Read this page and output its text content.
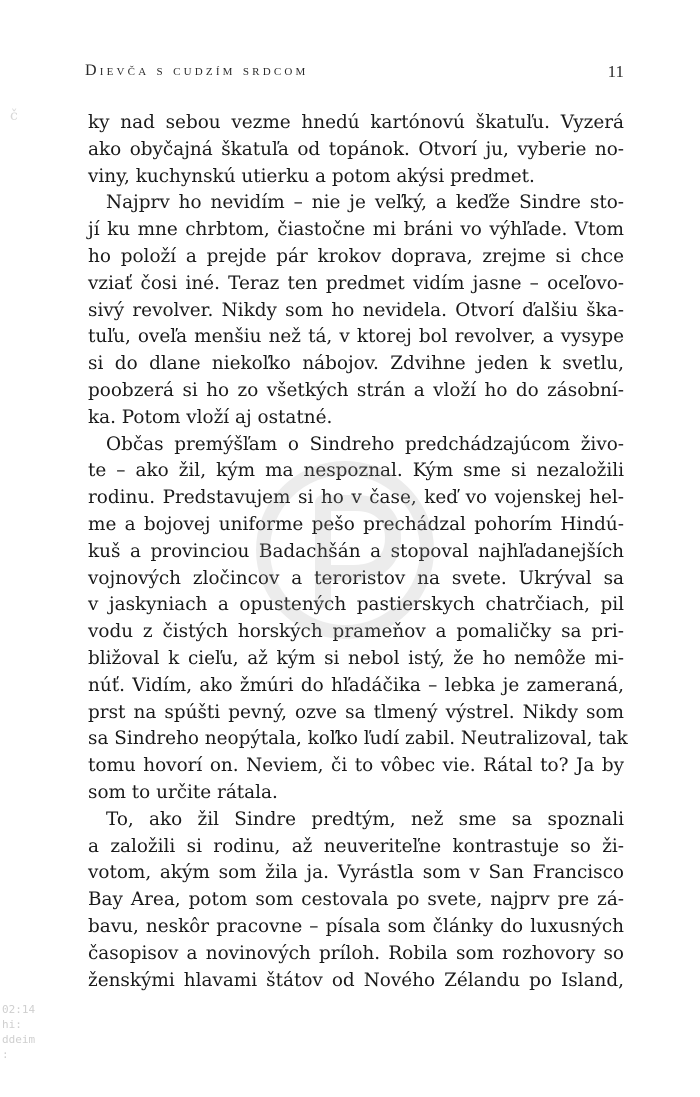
Dievča s cudzím srdcom	11
č	ky nad sebou vezme hnedú kartónovú škatuľu. Vyzerá
ako obyčajná škatuľa od topánok. Otvorí ju, vyberie no-
viny, kuchynskú utierku a potom akýsi predmet.
Najprv ho nevidím – nie je veľký, a keďže Sindre sto-
jí ku mne chrbtom, čiastočne mi bráni vo výhľade. Vtom
ho položí a prejde pár krokov doprava, zrejme si chce
vziať čosi iné. Teraz ten predmet vidím jasne – oceľovo-
sivý revolver. Nikdy som ho nevidela. Otvorí ďalšiu ška-
tuľu, oveľa menšiu než tá, v ktorej bol revolver, a vysype
si do dlane niekoľko nábojov. Zdvihne jeden k svetlu,
poobzerá si ho zo všetkých strán a vloží ho do zásobní-
ka. Potom vloží aj ostatné.
Občas premýšľam o Sindreho predchádzajúcom živo-
te – ako žil, kým ma nespoznal. Kým sme si nezaložili
rodinu. Predstavujem si ho v čase, keď vo vojenskej hel-
me a bojovej uniforme pešo prechádzal pohorím Hindú-
kuš a provinciou Badachšán a stopoval najhľadanejších
vojnových zločincov a teroristov na svete. Ukrýval sa
v jaskyniach a opustených pastierskych chatrčiach, pil
vodu z čistých horských prameňov a pomaličky sa pri-
bližoval k cieľu, až kým si nebol istý, že ho nemôže mi-
núť. Vidím, ako žmúri do hľadáčika – lebka je zameraná,
prst na spúšti pevný, ozve sa tlmený výstrel. Nikdy som
sa Sindreho neopýtala, koľko ľudí zabil. Neutralizoval, tak
tomu hovorí on. Neviem, či to vôbec vie. Rátal to? Ja by
som to určite rátala.
To, ako žil Sindre predtým, než sme sa spoznali
a založili si rodinu, až neuveriteľne kontrastuje so ži-
votom, akým som žila ja. Vyrástla som v San Francisco
Bay Area, potom som cestovala po svete, najprv pre zá-
bavu, neskôr pracovne – písala som články do luxusných
časopisov a novinových príloh. Robila som rozhovory so
ženskými hlavami štátov od Nového Zélandu po Island,
02:14
hi:
ddeim
:
